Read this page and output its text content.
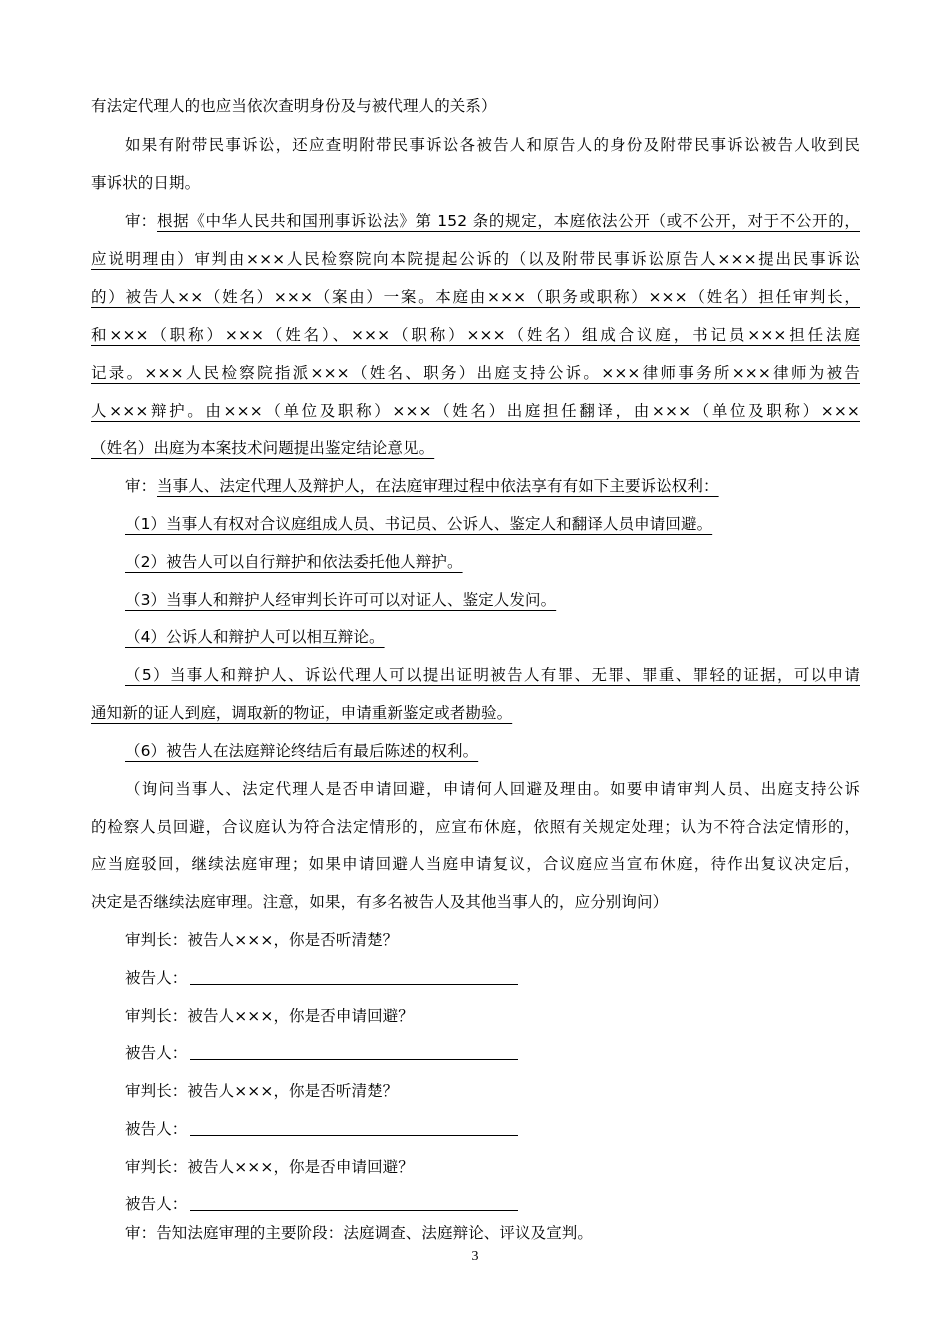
有法定代理人的也应当依次查明身份及与被代理人的关系）
如果有附带民事诉讼，还应查明附带民事诉讼各被告人和原告人的身份及附带民事诉讼被告人收到民
事诉状的日期。
审： 根据《中华人民共和国刑事诉讼法》第 152 条的规定，本庭依法公开（或不公开，对于不公开的，
应说明理由）审判由×××人民检察院向本院提起公诉的（以及附带民事诉讼原告人×××提出民事诉讼
的）被告人××（姓名）×××（案由）一案。本庭由×××（职务或职称）×××（姓名）担任审判长，
和×××（职称）×××（姓名）、×××（职称）×××（姓名）组成合议庭，书记员×××担任法庭
记录。×××人民检察院指派×××（姓名、职务）出庭支持公诉。×××律师事务所×××律师为被告
人×××辩护。由×××（单位及职称）×××（姓名）出庭担任翻译，由×××（单位及职称）×××
（姓名）出庭为本案技术问题提出鉴定结论意见。
审： 当事人、法定代理人及辩护人，在法庭审理过程中依法享有有如下主要诉讼权利：
（1）当事人有权对合议庭组成人员、书记员、公诉人、鉴定人和翻译人员申请回避。
（2）被告人可以自行辩护和依法委托他人辩护。
（3）当事人和辩护人经审判长许可可以对证人、鉴定人发问。
（4）公诉人和辩护人可以相互辩论。
（5）当事人和辩护人、诉讼代理人可以提出证明被告人有罪、无罪、罪重、罪轻的证据，可以申请
通知新的证人到庭，调取新的物证，申请重新鉴定或者勘验。
（6）被告人在法庭辩论终结后有最后陈述的权利。
（询问当事人、法定代理人是否申请回避，申请何人回避及理由。如要申请审判人员、出庭支持公诉
的检察人员回避，合议庭认为符合法定情形的，应宣布休庭，依照有关规定处理；认为不符合法定情形的，
应当庭驳回，继续法庭审理；如果申请回避人当庭申请复议，合议庭应当宣布休庭，待作出复议决定后，
决定是否继续法庭审理。注意，如果，有多名被告人及其他当事人的，应分别询问）
审判长：被告人×××，你是否听清楚？
被告人：
审判长：被告人×××，你是否申请回避？
被告人：
审判长：被告人×××，你是否听清楚？
被告人：
审判长：被告人×××，你是否申请回避？
被告人：
审：告知法庭审理的主要阶段：法庭调查、法庭辩论、评议及宣判。
3
